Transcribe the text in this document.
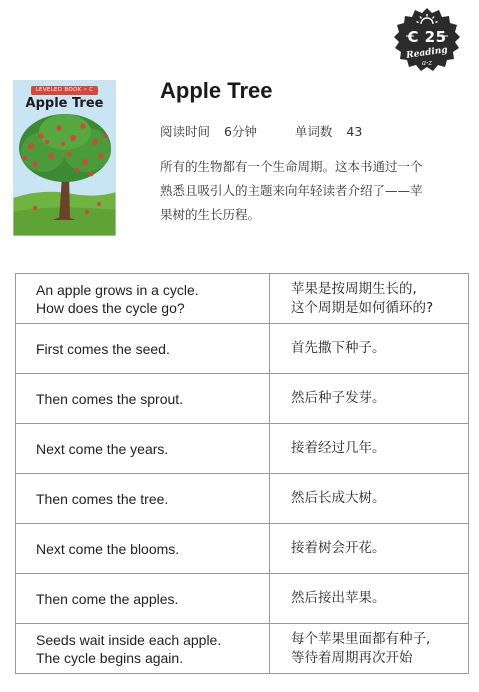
C 25
Reading
a-z
LEVELED BOOK • C
Apple Tree
Apple Tree
阅读时间 6分钟	单词数 43
所有的生物都有一个生命周期。这本书通过一个
熟悉且吸引人的主题来向年轻读者介绍了——苹
果树的生长历程。
An apple grows in a cycle.
How does the cycle go?	苹果是按周期生长的,
这个周期是如何循环的?

First comes the seed.	首先撒下种子。

Then comes the sprout.	然后种子发芽。

Next come the years.	接着经过几年。

Then comes the tree.	然后长成大树。

Next come the blooms.	接着树会开花。

Then come the apples.	然后接出苹果。

Seeds wait inside each apple.
The cycle begins again.	每个苹果里面都有种子,
等待着周期再次开始
